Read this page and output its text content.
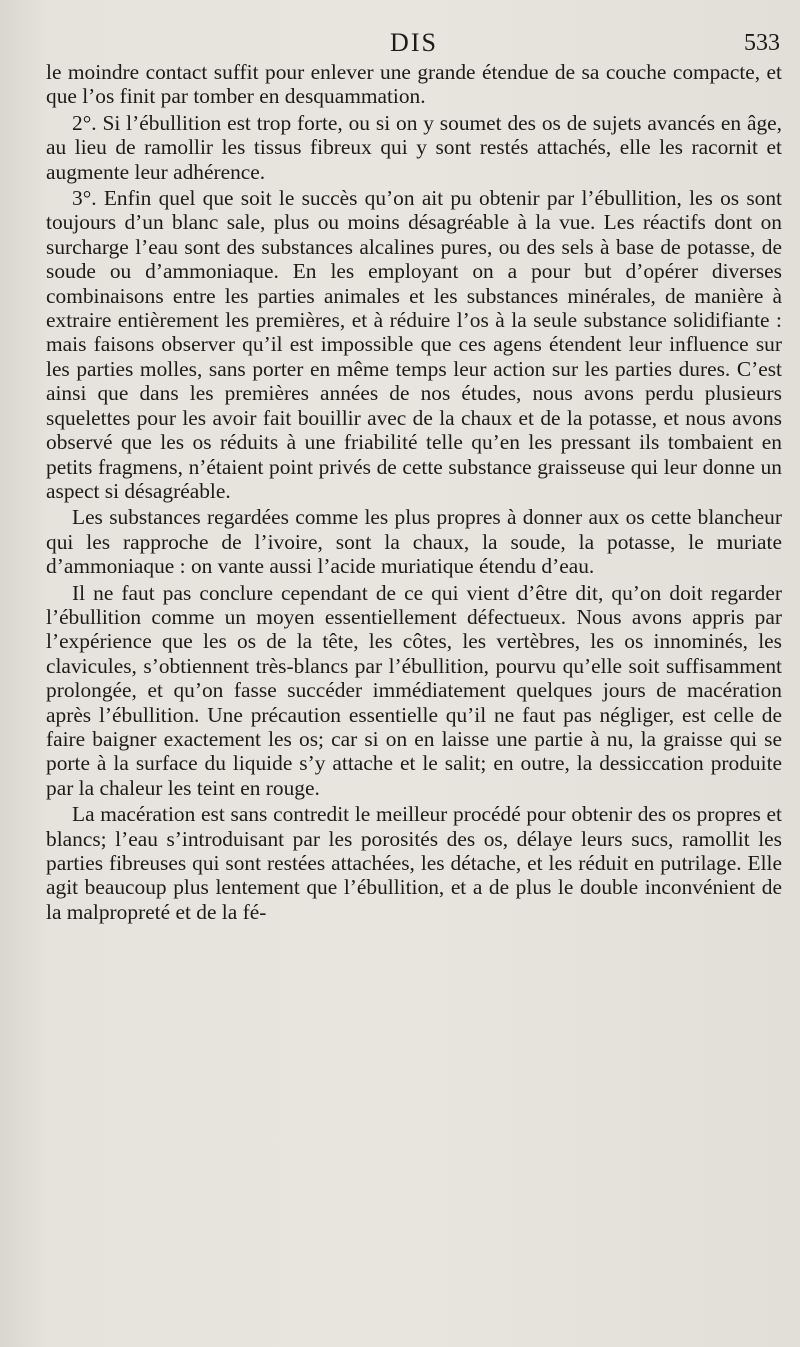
DIS	533

le moindre contact suffit pour enlever une grande étendue de sa couche compacte, et que l’os finit par tomber en desquammation.

2°. Si l’ébullition est trop forte, ou si on y soumet des os de sujets avancés en âge, au lieu de ramollir les tissus fibreux qui y sont restés attachés, elle les racornit et augmente leur adhérence.

3°. Enfin quel que soit le succès qu’on ait pu obtenir par l’ébullition, les os sont toujours d’un blanc sale, plus ou moins désagréable à la vue. Les réactifs dont on surcharge l’eau sont des substances alcalines pures, ou des sels à base de potasse, de soude ou d’ammoniaque. En les employant on a pour but d’opérer diverses combinaisons entre les parties animales et les substances minérales, de manière à extraire entièrement les premières, et à réduire l’os à la seule substance solidifiante : mais faisons observer qu’il est impossible que ces agens étendent leur influence sur les parties molles, sans porter en même temps leur action sur les parties dures. C’est ainsi que dans les premières années de nos études, nous avons perdu plusieurs squelettes pour les avoir fait bouillir avec de la chaux et de la potasse, et nous avons observé que les os réduits à une friabilité telle qu’en les pressant ils tombaient en petits fragmens, n’étaient point privés de cette substance graisseuse qui leur donne un aspect si désagréable.

Les substances regardées comme les plus propres à donner aux os cette blancheur qui les rapproche de l’ivoire, sont la chaux, la soude, la potasse, le muriate d’ammoniaque : on vante aussi l’acide muriatique étendu d’eau.

Il ne faut pas conclure cependant de ce qui vient d’être dit, qu’on doit regarder l’ébullition comme un moyen essentiellement défectueux. Nous avons appris par l’expérience que les os de la tête, les côtes, les vertèbres, les os innominés, les clavicules, s’obtiennent très-blancs par l’ébullition, pourvu qu’elle soit suffisamment prolongée, et qu’on fasse succéder immédiatement quelques jours de macération après l’ébullition. Une précaution essentielle qu’il ne faut pas négliger, est celle de faire baigner exactement les os; car si on en laisse une partie à nu, la graisse qui se porte à la surface du liquide s’y attache et le salit; en outre, la dessiccation produite par la chaleur les teint en rouge.

La macération est sans contredit le meilleur procédé pour obtenir des os propres et blancs; l’eau s’introduisant par les porosités des os, délaye leurs sucs, ramollit les parties fibreuses qui sont restées attachées, les détache, et les réduit en putrilage. Elle agit beaucoup plus lentement que l’ébullition, et a de plus le double inconvénient de la malpropreté et de la fé-
